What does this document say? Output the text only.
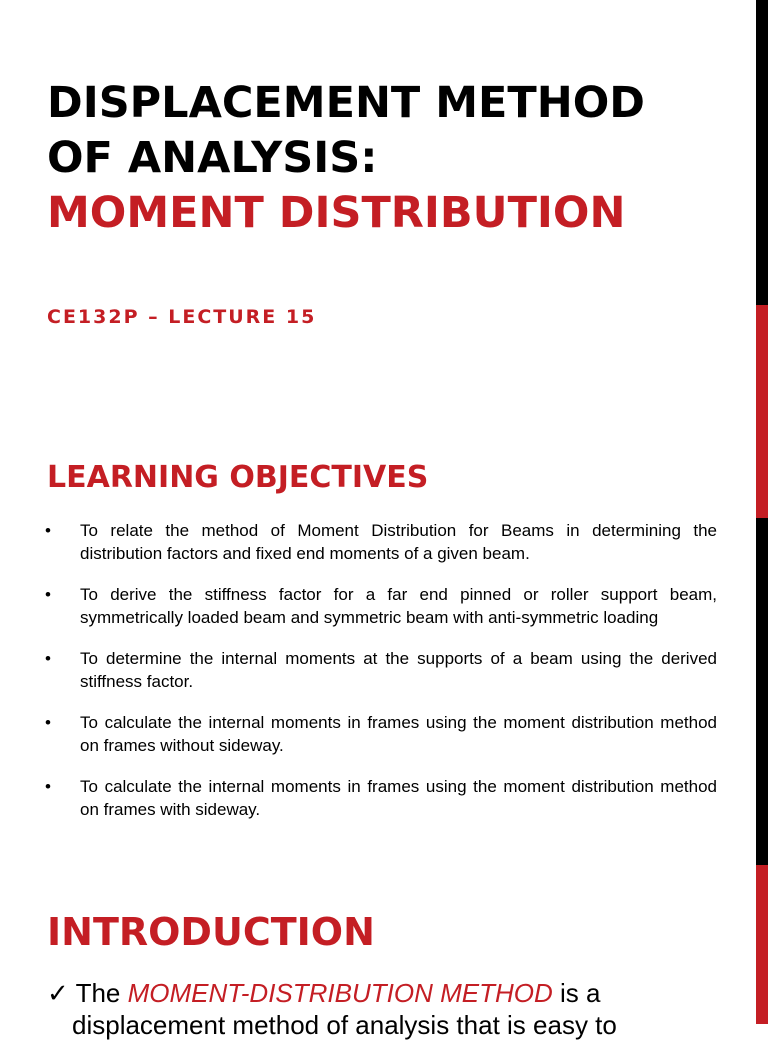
DISPLACEMENT METHOD
OF ANALYSIS:
MOMENT DISTRIBUTION
CE132P – LECTURE 15
LEARNING OBJECTIVES
• To relate the method of Moment Distribution for Beams in determining the distribution factors and fixed end moments of a given beam.
• To derive the stiffness factor for a far end pinned or roller support beam, symmetrically loaded beam and symmetric beam with anti-symmetric loading
• To determine the internal moments at the supports of a beam using the derived stiffness factor.
• To calculate the internal moments in frames using the moment distribution method on frames without sideway.
• To calculate the internal moments in frames using the moment distribution method on frames with sideway.
INTRODUCTION
✓ The MOMENT-DISTRIBUTION METHOD is a
displacement method of analysis that is easy to
